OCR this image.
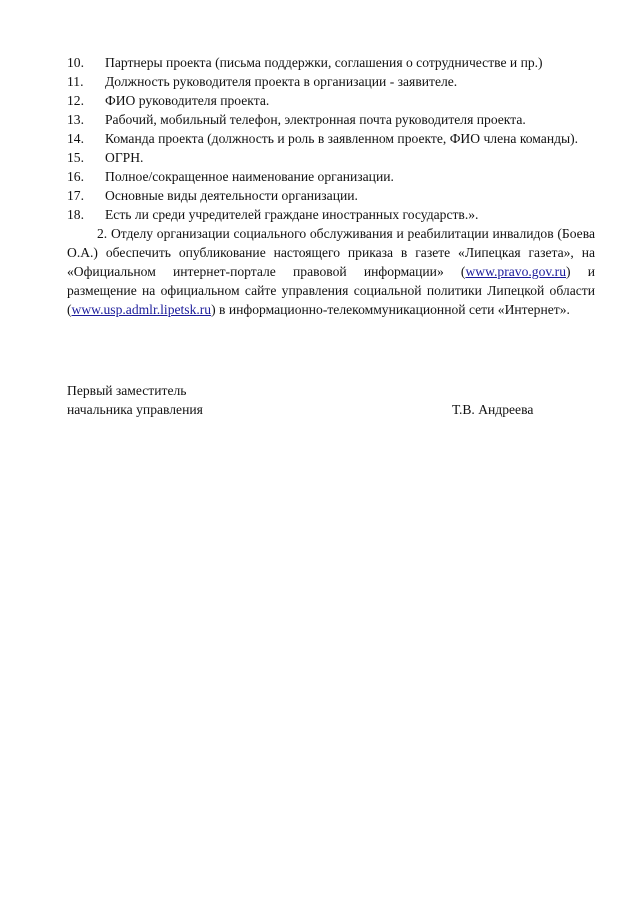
10.	Партнеры проекта (письма поддержки, соглашения о сотрудничестве и пр.)
11.	Должность руководителя проекта в организации - заявителе.
12.	ФИО руководителя проекта.
13.	Рабочий, мобильный телефон, электронная почта руководителя проекта.
14. Команда проекта (должность и роль в заявленном проекте, ФИО члена команды).
15.	ОГРН.
16.	Полное/сокращенное наименование организации.
17.	Основные виды деятельности организации.
18.	Есть ли среди учредителей граждане иностранных государств.».

2. Отделу организации социального обслуживания и реабилитации инвалидов (Боева О.А.) обеспечить опубликование настоящего приказа в газете «Липецкая газета», на «Официальном интернет-портале правовой информации» (www.pravo.gov.ru) и размещение на официальном сайте управления социальной политики Липецкой области (www.usp.admlr.lipetsk.ru) в информационно-телекоммуникационной сети «Интернет».

Первый заместитель
начальника управления	Т.В. Андреева
